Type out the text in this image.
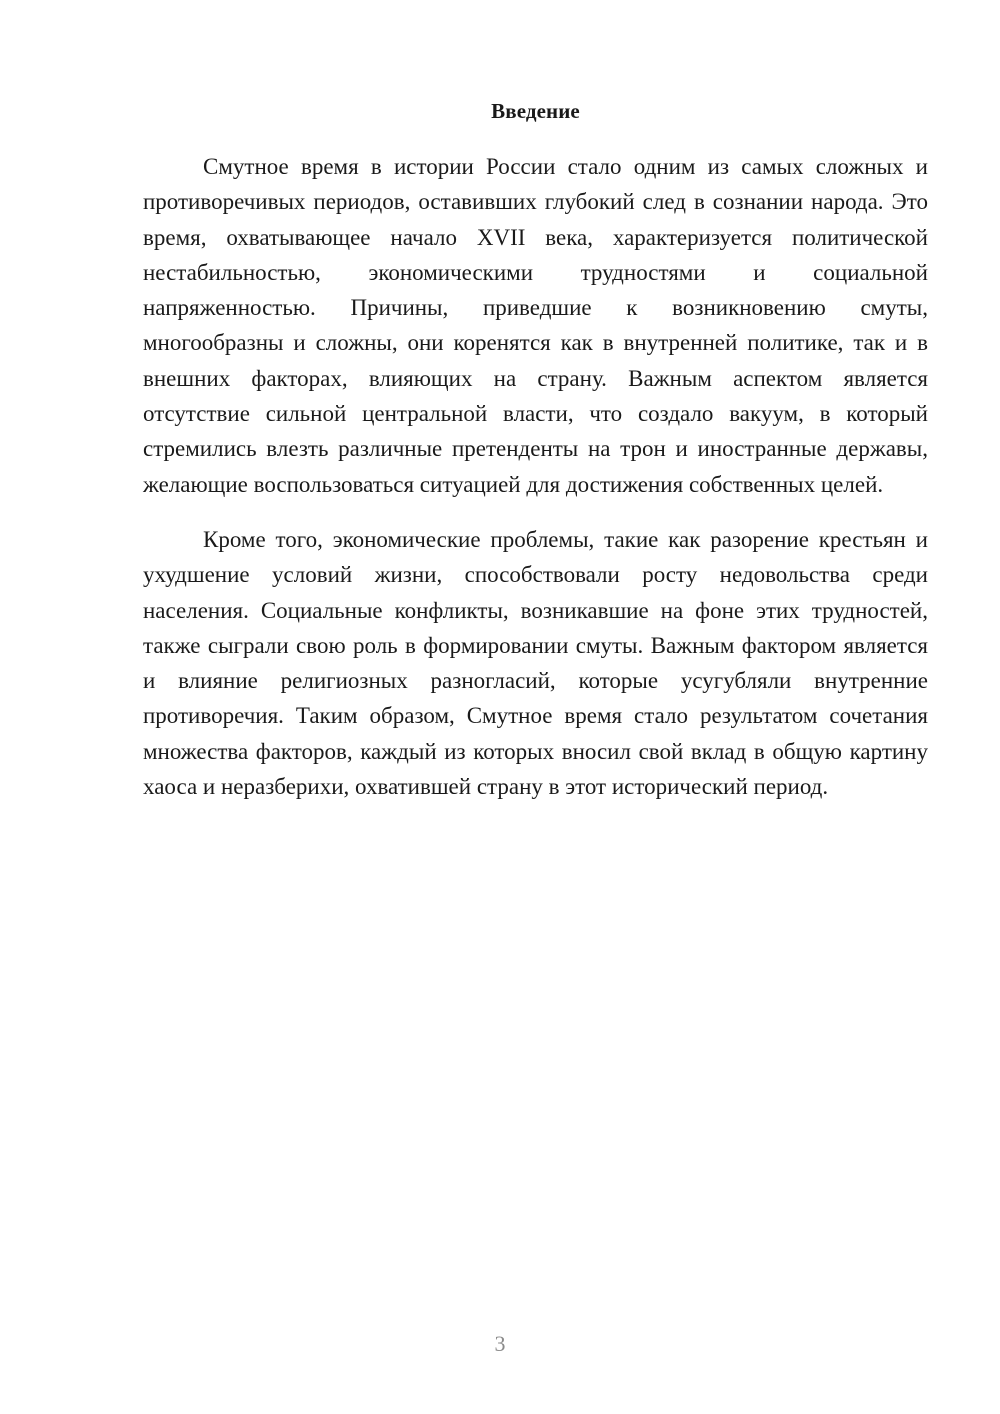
Введение

Смутное время в истории России стало одним из самых сложных и противоречивых периодов, оставивших глубокий след в сознании народа. Это время, охватывающее начало XVII века, характеризуется политической нестабильностью, экономическими трудностями и социальной напряженностью. Причины, приведшие к возникновению смуты, многообразны и сложны, они коренятся как в внутренней политике, так и в внешних факторах, влияющих на страну. Важным аспектом является отсутствие сильной центральной власти, что создало вакуум, в который стремились влезть различные претенденты на трон и иностранные державы, желающие воспользоваться ситуацией для достижения собственных целей.

Кроме того, экономические проблемы, такие как разорение крестьян и ухудшение условий жизни, способствовали росту недовольства среди населения. Социальные конфликты, возникавшие на фоне этих трудностей, также сыграли свою роль в формировании смуты. Важным фактором является и влияние религиозных разногласий, которые усугубляли внутренние противоречия. Таким образом, Смутное время стало результатом сочетания множества факторов, каждый из которых вносил свой вклад в общую картину хаоса и неразберихи, охватившей страну в этот исторический период.

3
